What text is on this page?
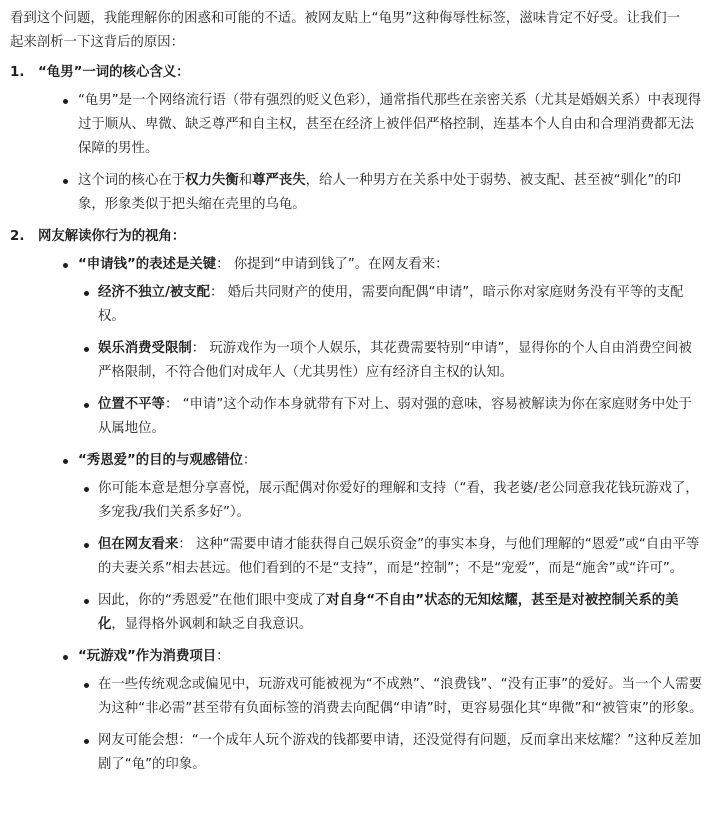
看到这个问题，我能理解你的困惑和可能的不适。被网友贴上“龟男”这种侮辱性标签，滋味肯定不好受。让我们一起来剖析一下这背后的原因：

1.	“龟男”一词的核心含义：
“龟男”是一个网络流行语（带有强烈的贬义色彩），通常指代那些在亲密关系（尤其是婚姻关系）中表现得过于顺从、卑微、缺乏尊严和自主权，甚至在经济上被伴侣严格控制，连基本个人自由和合理消费都无法保障的男性。
这个词的核心在于权力失衡和尊严丧失，给人一种男方在关系中处于弱势、被支配、甚至被“驯化”的印象，形象类似于把头缩在壳里的乌龟。
2.	网友解读你行为的视角：
“申请钱”的表述是关键： 你提到“申请到钱了”。在网友看来：
经济不独立/被支配： 婚后共同财产的使用，需要向配偶“申请”，暗示你对家庭财务没有平等的支配权。
娱乐消费受限制： 玩游戏作为一项个人娱乐，其花费需要特别“申请”，显得你的个人自由消费空间被严格限制，不符合他们对成年人（尤其男性）应有经济自主权的认知。
位置不平等： “申请”这个动作本身就带有下对上、弱对强的意味，容易被解读为你在家庭财务中处于从属地位。
“秀恩爱”的目的与观感错位：
你可能本意是想分享喜悦，展示配偶对你爱好的理解和支持（“看，我老婆/老公同意我花钱玩游戏了，多宠我/我们关系多好”）。
但在网友看来： 这种“需要申请才能获得自己娱乐资金”的事实本身，与他们理解的“恩爱”或“自由平等的夫妻关系”相去甚远。他们看到的不是“支持”，而是“控制”；不是“宠爱”，而是“施舍”或“许可”。
因此，你的“秀恩爱”在他们眼中变成了对自身“不自由”状态的无知炫耀，甚至是对被控制关系的美化，显得格外讽刺和缺乏自我意识。
“玩游戏”作为消费项目：
在一些传统观念或偏见中，玩游戏可能被视为“不成熟”、“浪费钱”、“没有正事”的爱好。当一个人需要为这种“非必需”甚至带有负面标签的消费去向配偶“申请”时，更容易强化其“卑微”和“被管束”的形象。
网友可能会想：“一个成年人玩个游戏的钱都要申请，还没觉得有问题，反而拿出来炫耀？”这种反差加剧了“龟”的印象。
